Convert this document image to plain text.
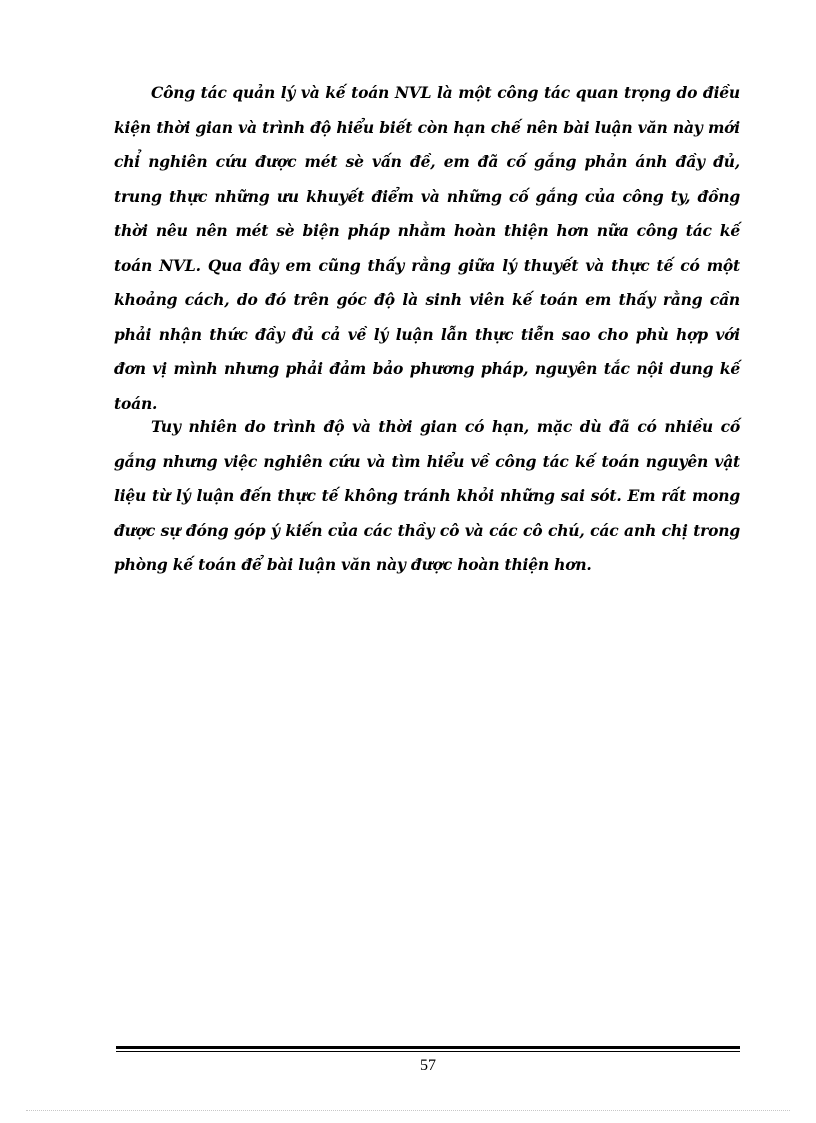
Công tác quản lý và kế toán NVL là một công tác quan trọng do điều kiện thời gian và trình độ hiểu biết còn hạn chế nên bài luận văn này mới chỉ nghiên cứu được mét sè vấn đề, em đã cố gắng phản ánh đầy đủ, trung thực những ưu khuyết điểm và những cố gắng của công ty, đồng thời nêu nên mét sè biện pháp nhằm hoàn thiện hơn nữa công tác kế toán NVL. Qua đây em cũng thấy rằng giữa lý thuyết và thực tế có một khoảng cách, do đó trên góc độ là sinh viên kế toán em thấy rằng cần phải nhận thức đầy đủ cả về lý luận lẫn thực tiễn sao cho phù hợp với đơn vị mình nhưng phải đảm bảo phương pháp, nguyên tắc nội dung kế toán.

Tuy nhiên do trình độ và thời gian có hạn, mặc dù đã có nhiều cố gắng nhưng việc nghiên cứu và tìm hiểu về công tác kế toán nguyên vật liệu từ lý luận đến thực tế không tránh khỏi những sai sót. Em rất mong được sự đóng góp ý kiến của các thầy cô và các cô chú, các anh chị trong phòng kế toán để bài luận văn này được hoàn thiện hơn.

57
